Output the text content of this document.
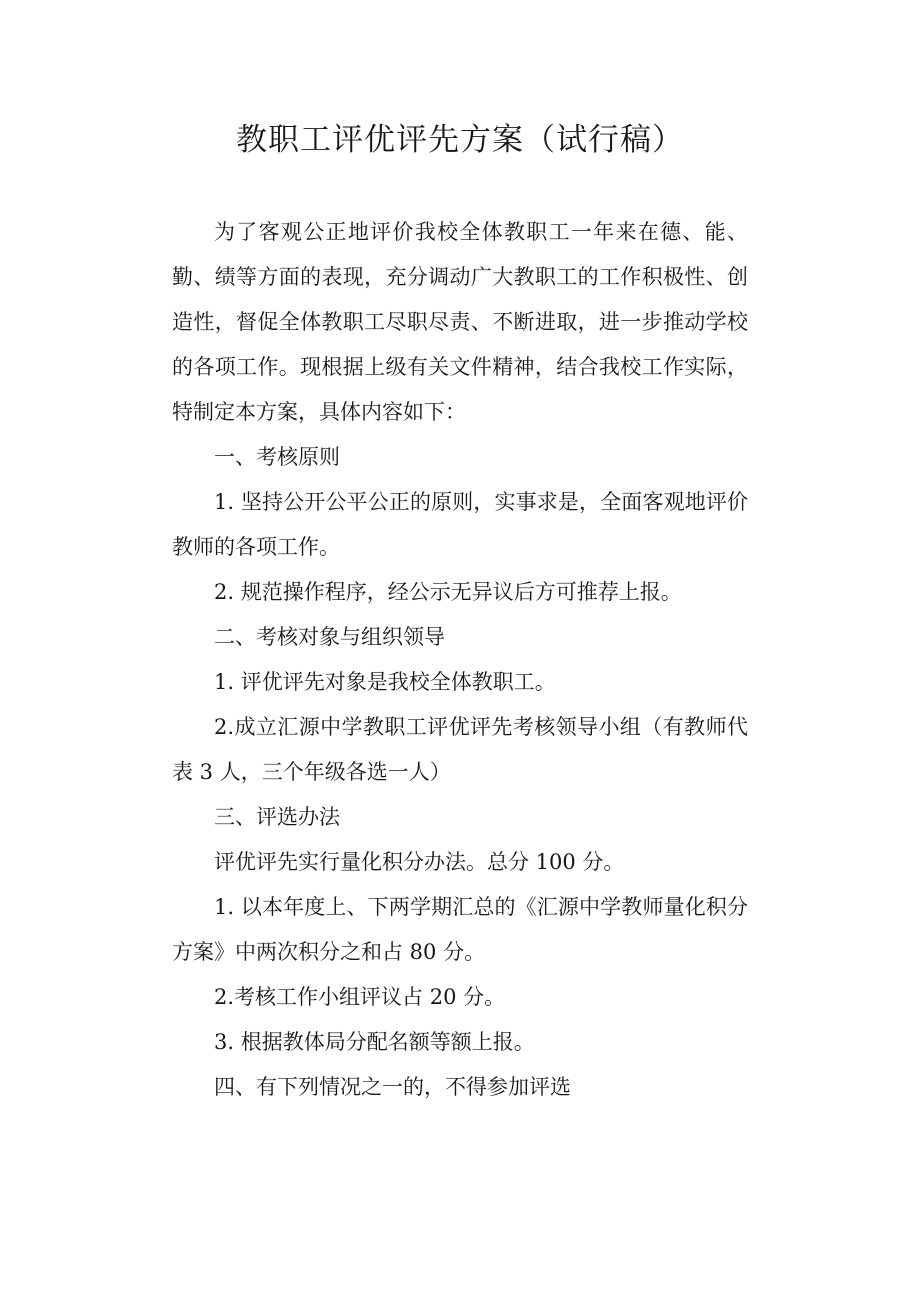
教职工评优评先方案（试行稿）

为了客观公正地评价我校全体教职工一年来在德、能、勤、绩等方面的表现，充分调动广大教职工的工作积极性、创造性，督促全体教职工尽职尽责、不断进取，进一步推动学校的各项工作。现根据上级有关文件精神，结合我校工作实际，特制定本方案，具体内容如下：

一、考核原则

1. 坚持公开公平公正的原则，实事求是，全面客观地评价教师的各项工作。

2. 规范操作程序，经公示无异议后方可推荐上报。

二、考核对象与组织领导

1. 评优评先对象是我校全体教职工。

2.成立汇源中学教职工评优评先考核领导小组（有教师代表 3 人，三个年级各选一人）

三、评选办法

评优评先实行量化积分办法。总分 100 分。

1. 以本年度上、下两学期汇总的《汇源中学教师量化积分方案》中两次积分之和占 80 分。

2.考核工作小组评议占 20 分。

3. 根据教体局分配名额等额上报。

四、有下列情况之一的，不得参加评选
